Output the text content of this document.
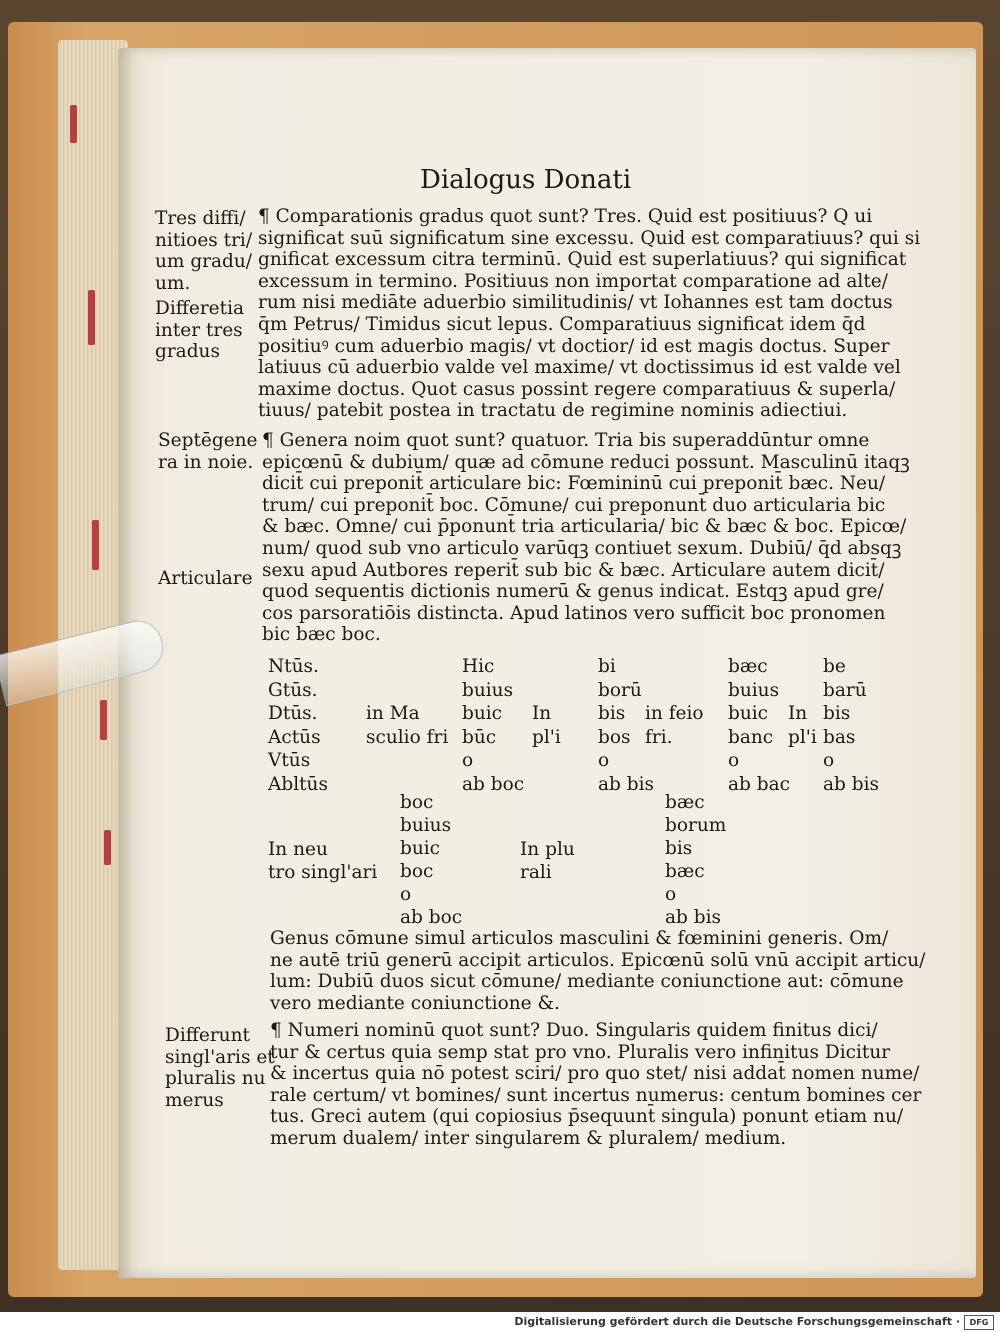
Dialogus Donati
Tres diffi/
nitioes tri/
um gradu/
um.
Differetia
inter tres
gradus
Septēgene
ra in noie.
Articulare
Differunt
singl'aris et
pluralis nu
merus
¶ Comparationis gradus quot sunt? Tres. Quid est positiuus? Q ui
significat suū significatum sine excessu. Quid est comparatiuus? qui si
gnificat excessum citra terminū. Quid est superlatiuus? qui significat
excessum in termino. Positiuus non importat comparatione ad alte/
rum nisi mediāte aduerbio similitudinis/ vt Iohannes est tam doctus
q̄m Petrus/ Timidus sicut lepus. Comparatiuus significat idem q̄d
positiuꝰ cum aduerbio magis/ vt doctior/ id est magis doctus. Super
latiuus cū aduerbio valde vel maxime/ vt doctissimus id est valde vel
maxime doctus. Quot casus possint regere comparatiuus & superla/
tiuus/ patebit postea in tractatu de regimine nominis adiectiui.
¶ Genera noim quot sunt? quatuor. Tria bis superaddūntur omne
epicœnū & dubium/ quæ ad cōmune reduci possunt. Masculinū itaqꝫ
dicit̄ cui preponit̄ articulare bic: Fœmininū cui preponit̄ bæc. Neu/
trum/ cui preponit̄ boc. Cōmune/ cui preponunt̄ duo articularia bic
& bæc. Omne/ cui p̄ponunt̄ tria articularia/ bic & bæc & boc. Epicœ/
num/ quod sub vno articulo varūqꝫ contiuet sexum. Dubiū/ q̄d absqꝫ
sexu apud Autbores reperit̄ sub bic & bæc. Articulare autem dicit̄/
quod sequentis dictionis numerū & genus indicat. Estqꝫ apud gre/
cos parsoratiōis distincta. Apud latinos vero sufficit boc pronomen
bic bæc boc.
Ntūs.
Gtūs.
Dtūs.
Actūs
Vtūs
Abltūs
in Ma
sculio fri
Hic
buius
buic
būc
o
ab boc
In
pl'i
bi
borū
bis
bos
o
ab bis
in feio
fri.
bæc
buius
buic
banc
o
ab bac
In
pl'i
be
barū
bis
bas
o
ab bis
In neu
tro singl'ari
boc
buius
buic
boc
o
ab boc
In plu
rali
bæc
borum
bis
bæc
o
ab bis
Genus cōmune simul articulos masculini & fœminini generis. Om/
ne autē triū generū accipit articulos. Epicœnū solū vnū accipit articu/
lum: Dubiū duos sicut cōmune/ mediante coniunctione aut: cōmune
vero mediante coniunctione &.
¶ Numeri nominū quot sunt? Duo. Singularis quidem finitus dici/
tur & certus quia semp stat pro vno. Pluralis vero infinitus Dicitur
& incertus quia nō potest sciri/ pro quo stet/ nisi addat̄ nomen nume/
rale certum/ vt bomines/ sunt incertus numerus: centum bomines cer
tus. Greci autem (qui copiosius p̄sequunt̄ singula) ponunt etiam nu/
merum dualem/ inter singularem & pluralem/ medium.
Digitalisierung gefördert durch die Deutsche Forschungsgemeinschaft ·	DFG
